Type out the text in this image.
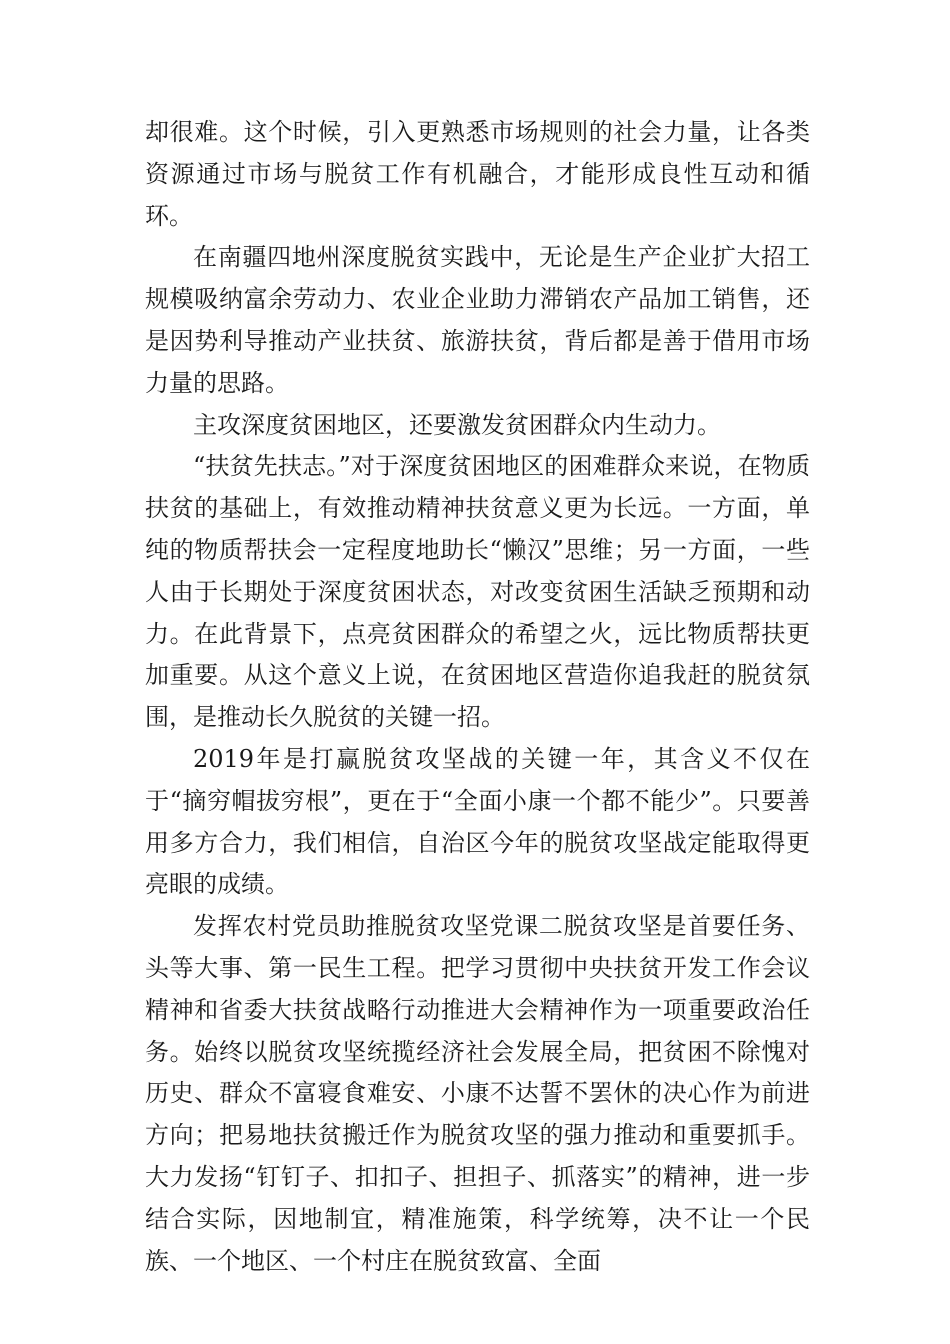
却很难。这个时候，引入更熟悉市场规则的社会力量，让各类资源通过市场与脱贫工作有机融合，才能形成良性互动和循环。

在南疆四地州深度脱贫实践中，无论是生产企业扩大招工规模吸纳富余劳动力、农业企业助力滞销农产品加工销售，还是因势利导推动产业扶贫、旅游扶贫，背后都是善于借用市场力量的思路。

主攻深度贫困地区，还要激发贫困群众内生动力。

“扶贫先扶志。”对于深度贫困地区的困难群众来说，在物质扶贫的基础上，有效推动精神扶贫意义更为长远。一方面，单纯的物质帮扶会一定程度地助长“懒汉”思维；另一方面，一些人由于长期处于深度贫困状态，对改变贫困生活缺乏预期和动力。在此背景下，点亮贫困群众的希望之火，远比物质帮扶更加重要。从这个意义上说，在贫困地区营造你追我赶的脱贫氛围，是推动长久脱贫的关键一招。

2019年是打赢脱贫攻坚战的关键一年，其含义不仅在于“摘穷帽拔穷根”，更在于“全面小康一个都不能少”。只要善用多方合力，我们相信，自治区今年的脱贫攻坚战定能取得更亮眼的成绩。

发挥农村党员助推脱贫攻坚党课二脱贫攻坚是首要任务、头等大事、第一民生工程。把学习贯彻中央扶贫开发工作会议精神和省委大扶贫战略行动推进大会精神作为一项重要政治任务。始终以脱贫攻坚统揽经济社会发展全局，把贫困不除愧对历史、群众不富寝食难安、小康不达誓不罢休的决心作为前进方向；把易地扶贫搬迁作为脱贫攻坚的强力推动和重要抓手。大力发扬“钉钉子、扣扣子、担担子、抓落实”的精神，进一步结合实际，因地制宜，精准施策，科学统筹，决不让一个民族、一个地区、一个村庄在脱贫致富、全面
